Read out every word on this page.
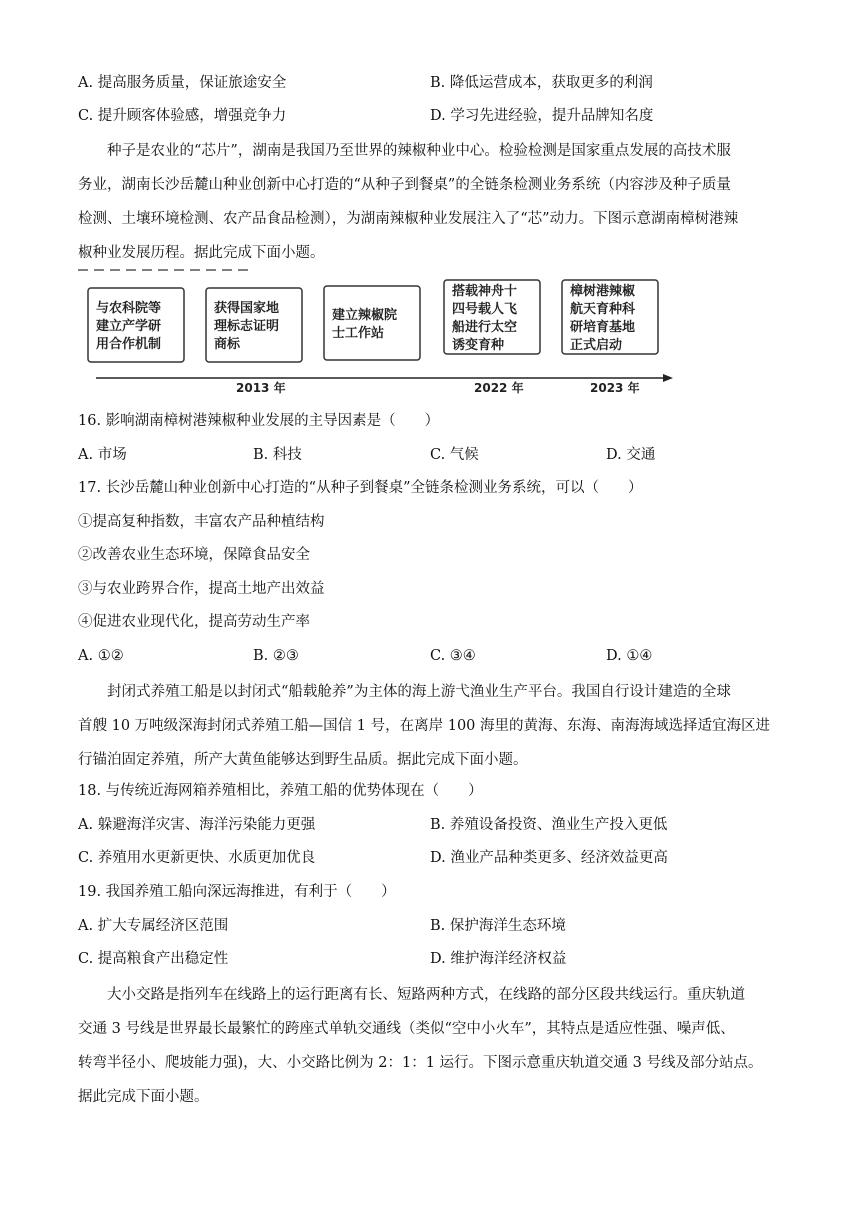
A. 提高服务质量，保证旅途安全	B. 降低运营成本，获取更多的利润
C. 提升顾客体验感，增强竞争力	D. 学习先进经验，提升品牌知名度
种子是农业的“芯片”，湖南是我国乃至世界的辣椒种业中心。检验检测是国家重点发展的高技术服
务业，湖南长沙岳麓山种业创新中心打造的“从种子到餐桌”的全链条检测业务系统（内容涉及种子质量
检测、土壤环境检测、农产品食品检测），为湖南辣椒种业发展注入了“芯”动力。下图示意湖南樟树港辣
椒种业发展历程。据此完成下面小题。
与农科院等
建立产学研
用合作机制
获得国家地
理标志证明
商标
建立辣椒院
士工作站
搭载神舟十
四号载人飞
船进行太空
诱变育种
樟树港辣椒
航天育种科
研培育基地
正式启动
2013 年	2022 年	2023 年
16. 影响湖南樟树港辣椒种业发展的主导因素是（　　）
A. 市场	B. 科技	C. 气候	D. 交通
17. 长沙岳麓山种业创新中心打造的“从种子到餐桌”全链条检测业务系统，可以（　　）
①提高复种指数，丰富农产品种植结构
②改善农业生态环境，保障食品安全
③与农业跨界合作，提高土地产出效益
④促进农业现代化，提高劳动生产率
A. ①②	B. ②③	C. ③④	D. ①④
封闭式养殖工船是以封闭式“船载舱养”为主体的海上游弋渔业生产平台。我国自行设计建造的全球
首艘 10 万吨级深海封闭式养殖工船—国信 1 号，在离岸 100 海里的黄海、东海、南海海域选择适宜海区进
行锚泊固定养殖，所产大黄鱼能够达到野生品质。据此完成下面小题。
18. 与传统近海网箱养殖相比，养殖工船的优势体现在（　　）
A. 躲避海洋灾害、海洋污染能力更强	B. 养殖设备投资、渔业生产投入更低
C. 养殖用水更新更快、水质更加优良	D. 渔业产品种类更多、经济效益更高
19. 我国养殖工船向深远海推进，有利于（　　）
A. 扩大专属经济区范围	B. 保护海洋生态环境
C. 提高粮食产出稳定性	D. 维护海洋经济权益
大小交路是指列车在线路上的运行距离有长、短路两种方式，在线路的部分区段共线运行。重庆轨道
交通 3 号线是世界最长最繁忙的跨座式单轨交通线（类似“空中小火车”，其特点是适应性强、噪声低、
转弯半径小、爬坡能力强)，大、小交路比例为 2：1：1 运行。下图示意重庆轨道交通 3 号线及部分站点。
据此完成下面小题。
